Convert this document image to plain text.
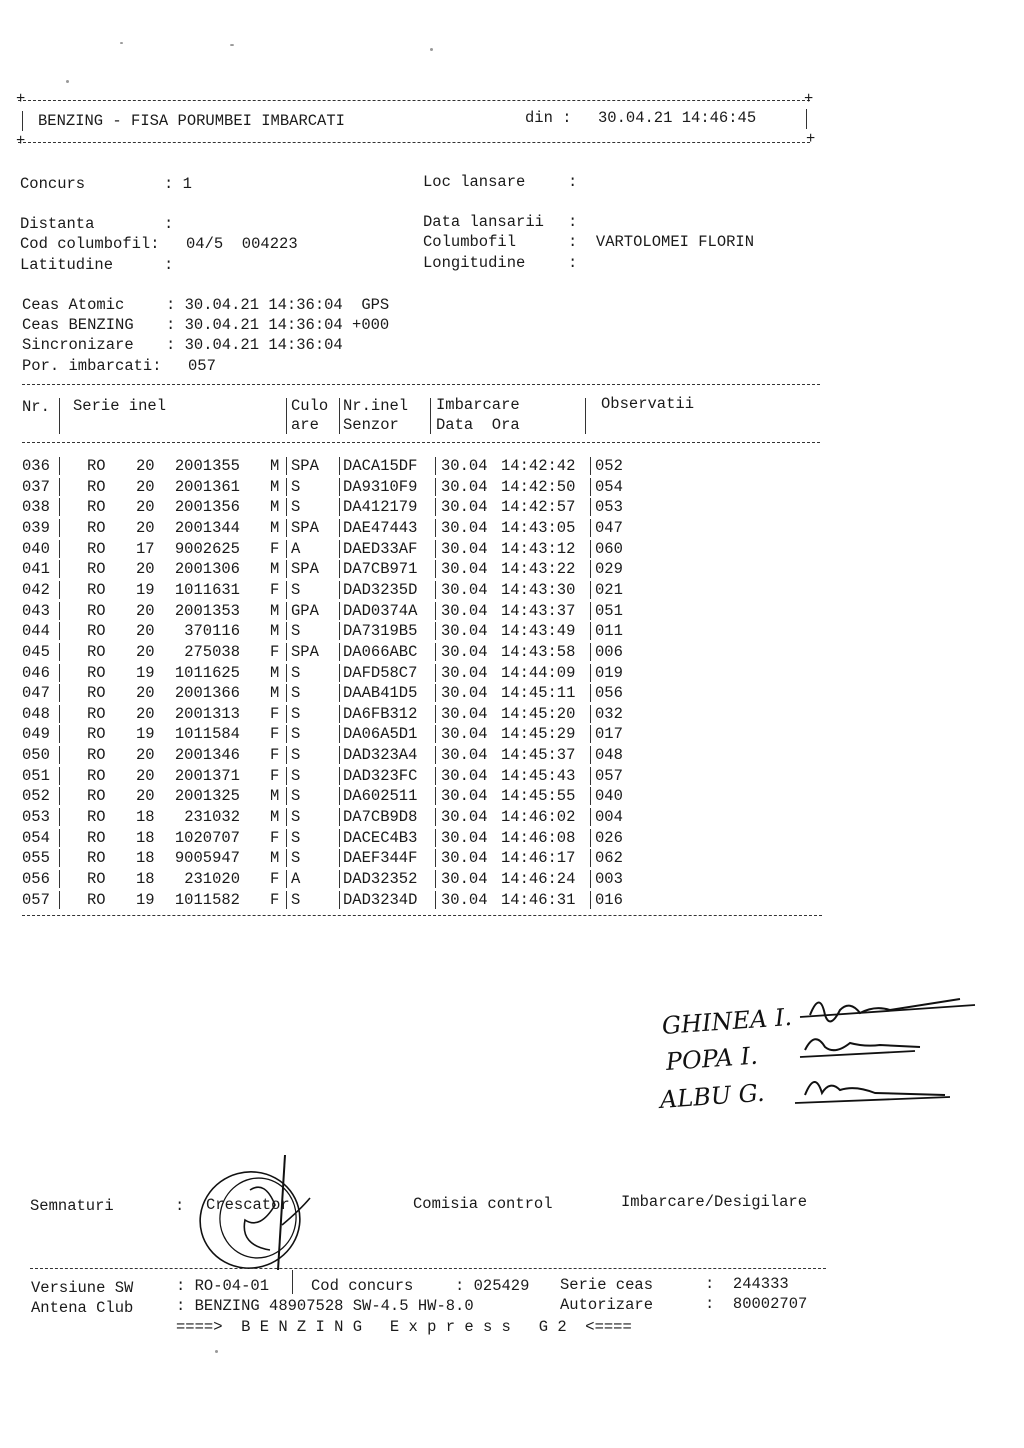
+	+
BENZING - FISA PORUMBEI IMBARCATI	din : 30.04.21 14:46:45
+	+
Concurs	: 1	Loc lansare	:
Distanta	:	Data lansarii :
Cod columbofil: 04/5  004223	Columbofil	:  VARTOLOMEI FLORIN
Latitudine	:	Longitudine	:
Ceas Atomic	: 30.04.21 14:36:04  GPS
Ceas BENZING : 30.04.21 14:36:04 +000
Sincronizare : 30.04.21 14:36:04
Por. imbarcati: 057
Nr. Serie inel	Culo
are
Nr.inel
Senzor
Imbarcare
Data  Ora
Observatii
036 RO 20 2001355 M SPA DACA15DF 30.04 14:42:42 052
037 RO 20 2001361 M S	DA9310F9 30.04 14:42:50 054
038 RO 20 2001356 M S	DA412179 30.04 14:42:57 053
039 RO 20 2001344 M SPA DAE47443 30.04 14:43:05 047
040 RO 17 9002625 F A	DAED33AF 30.04 14:43:12 060
041 RO 20 2001306 M SPA DA7CB971 30.04 14:43:22 029
042 RO 19 1011631 F S	DAD3235D 30.04 14:43:30 021
043 RO 20 2001353 M GPA DAD0374A 30.04 14:43:37 051
044 RO 20 370116 M S	DA7319B5 30.04 14:43:49 011
045 RO 20 275038 F SPA DA066ABC 30.04 14:43:58 006
046 RO 19 1011625 M S	DAFD58C7 30.04 14:44:09 019
047 RO 20 2001366 M S	DAAB41D5 30.04 14:45:11 056
048 RO 20 2001313 F S	DA6FB312 30.04 14:45:20 032
049 RO 19 1011584 F S	DA06A5D1 30.04 14:45:29 017
050 RO 20 2001346 F S	DAD323A4 30.04 14:45:37 048
051 RO 20 2001371 F S	DAD323FC 30.04 14:45:43 057
052 RO 20 2001325 M S	DA602511 30.04 14:45:55 040
053 RO 18 231032 M S	DA7CB9D8 30.04 14:46:02 004
054 RO 18 1020707 F S	DACEC4B3 30.04 14:46:08 026
055 RO 18 9005947 M S	DAEF344F 30.04 14:46:17 062
056 RO 18 231020 F A	DAD32352 30.04 14:46:24 003
057 RO 19 1011582 F S	DAD3234D 30.04 14:46:31 016
GHINEA I.
POPA I.
ALBU G.
Semnaturi	: Crescator	Comisia control	Imbarcare/Desigilare
Versiune SW	: RO-04-01	Cod concurs	: 025429 Serie ceas	:  244333
Antena Club	: BENZING 48907528 SW-4.5 HW-8.0	Autorizare	:  80002707
====>  B E N Z I N G   E x p r e s s   G 2  <====
